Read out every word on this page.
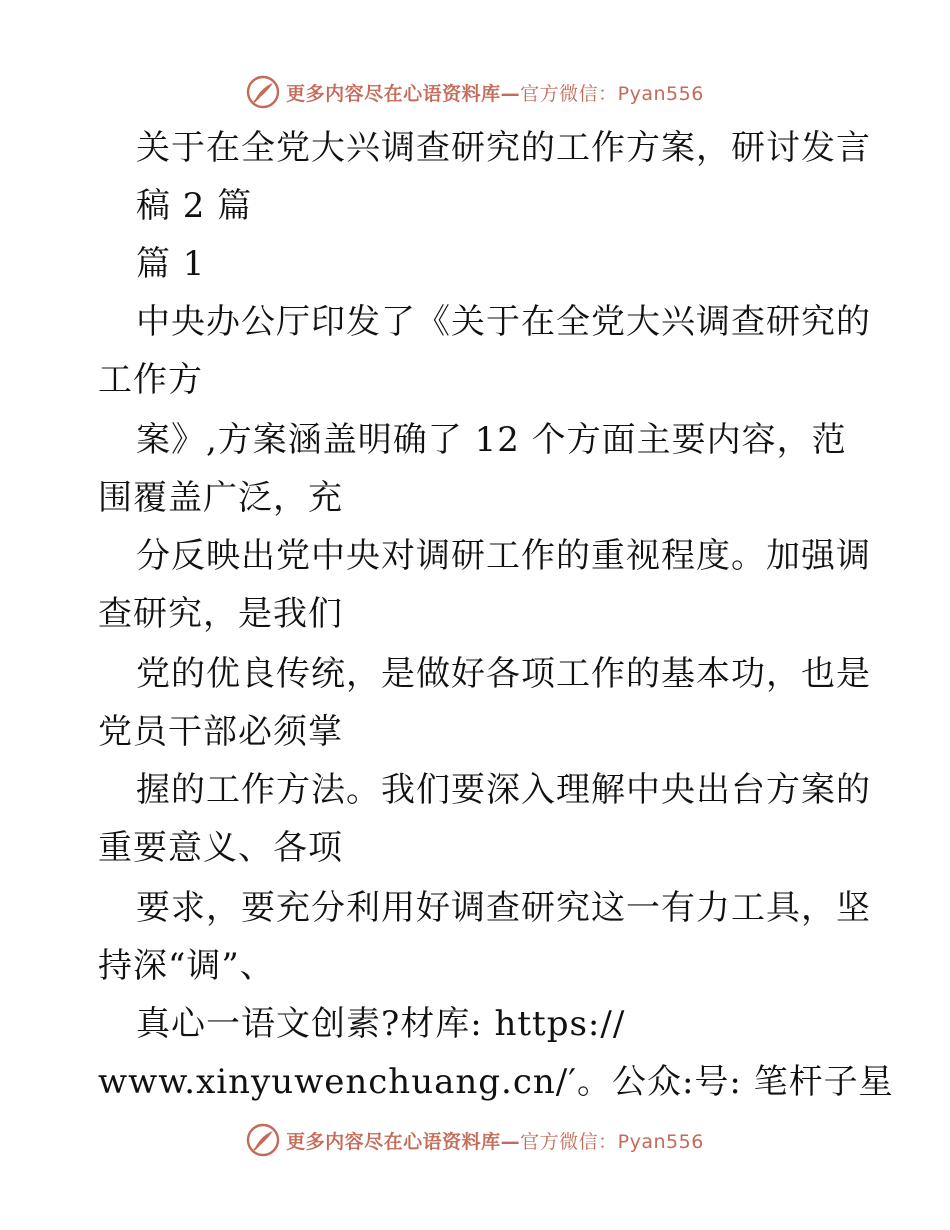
更多内容尽在心语资料库—官方微信：Pyan556
关于在全党大兴调查研究的工作方案，研讨发言
稿 2 篇
篇 1
中央办公厅印发了《关于在全党大兴调查研究的
工作方
案》,方案涵盖明确了 12 个方面主要内容，范
围覆盖广泛，充
分反映出党中央对调研工作的重视程度。加强调
查研究，是我们
党的优良传统，是做好各项工作的基本功，也是
党员干部必须掌
握的工作方法。我们要深入理解中央出台方案的
重要意义、各项
要求，要充分利用好调查研究这一有力工具，坚
持深“调”、
真心一语文创素?材库: https://
www.xinyuwenchuang.cn/′。公众:号: 笔杆子星
更多内容尽在心语资料库—官方微信：Pyan556
